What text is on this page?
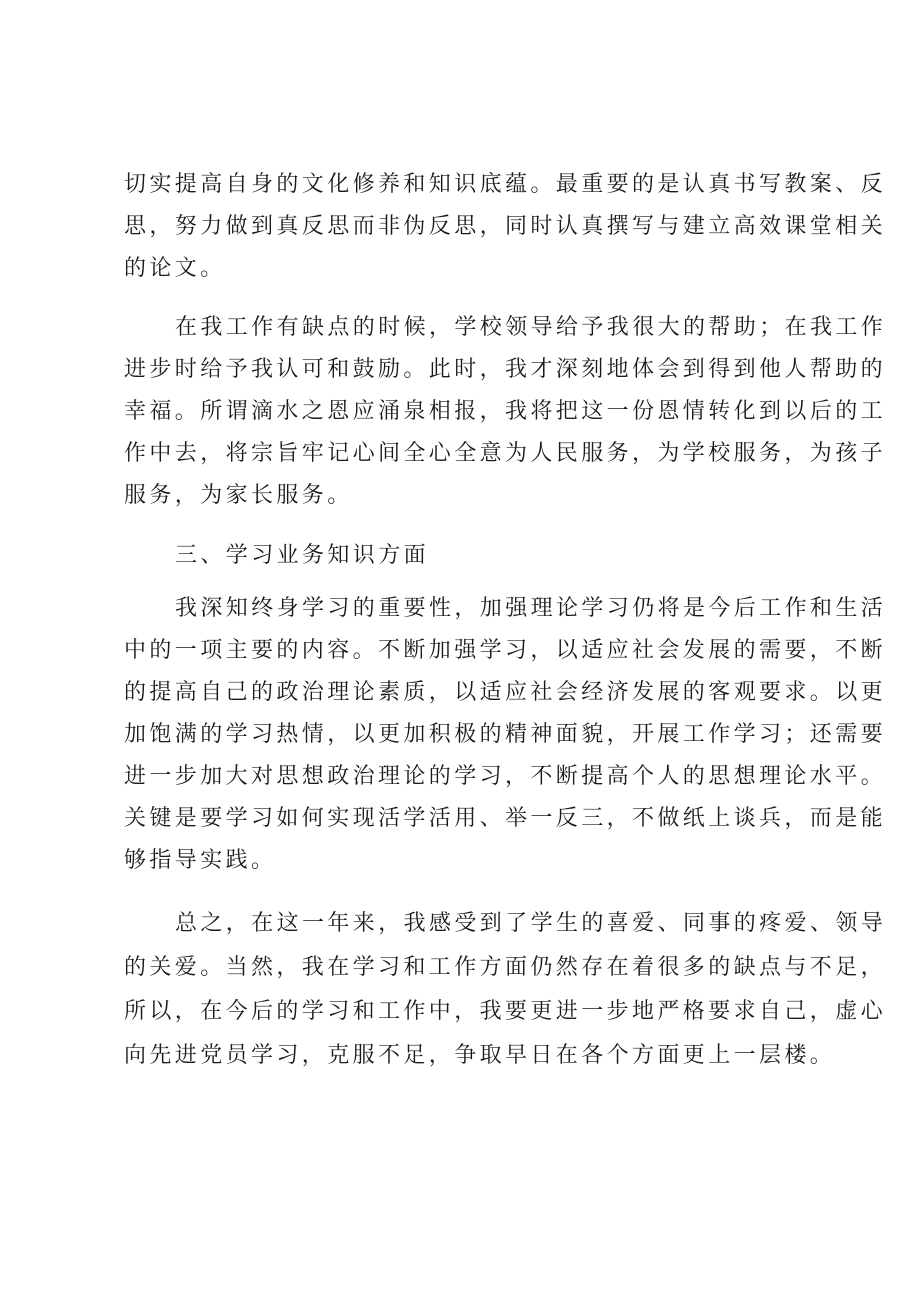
切实提高自身的文化修养和知识底蕴。最重要的是认真书写教案、反
思，努力做到真反思而非伪反思，同时认真撰写与建立高效课堂相关
的论文。
在我工作有缺点的时候，学校领导给予我很大的帮助；在我工作
进步时给予我认可和鼓励。此时，我才深刻地体会到得到他人帮助的
幸福。所谓滴水之恩应涌泉相报，我将把这一份恩情转化到以后的工
作中去，将宗旨牢记心间全心全意为人民服务，为学校服务，为孩子
服务，为家长服务。
三、学习业务知识方面
我深知终身学习的重要性，加强理论学习仍将是今后工作和生活
中的一项主要的内容。不断加强学习，以适应社会发展的需要，不断
的提高自己的政治理论素质，以适应社会经济发展的客观要求。以更
加饱满的学习热情，以更加积极的精神面貌，开展工作学习；还需要
进一步加大对思想政治理论的学习，不断提高个人的思想理论水平。
关键是要学习如何实现活学活用、举一反三，不做纸上谈兵，而是能
够指导实践。
总之，在这一年来，我感受到了学生的喜爱、同事的疼爱、领导
的关爱。当然，我在学习和工作方面仍然存在着很多的缺点与不足，
所以，在今后的学习和工作中，我要更进一步地严格要求自己，虚心
向先进党员学习，克服不足，争取早日在各个方面更上一层楼。
